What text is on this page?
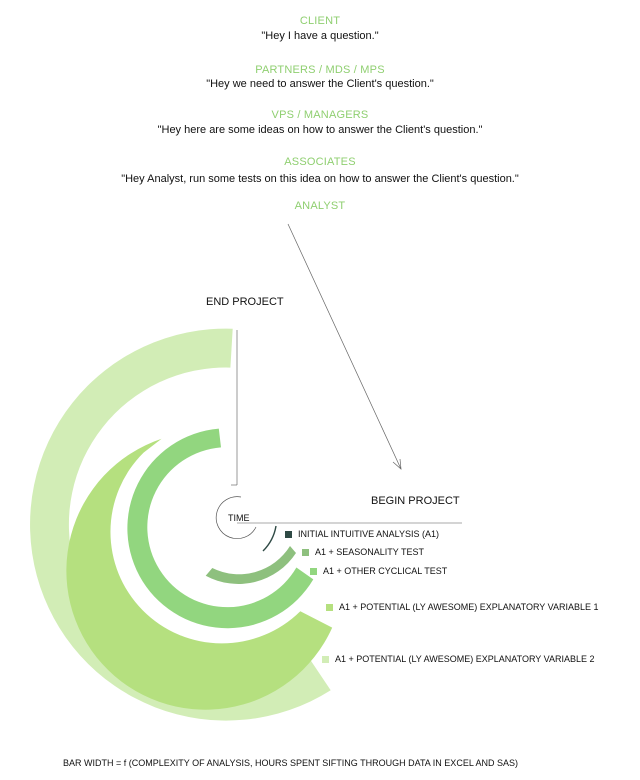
CLIENT
"Hey I have a question."
PARTNERS / MDS / MPS
"Hey we need to answer the Client's question."
VPS / MANAGERS
"Hey here are some ideas on how to answer the Client's question."
ASSOCIATES
"Hey Analyst, run some tests on this idea on how to answer the Client's question."
ANALYST
END PROJECT
BEGIN PROJECT
TIME
INITIAL INTUITIVE ANALYSIS (A1)
A1 + SEASONALITY TEST
A1 + OTHER CYCLICAL TEST
A1 + POTENTIAL (LY AWESOME) EXPLANATORY VARIABLE 1
A1 + POTENTIAL (LY AWESOME) EXPLANATORY VARIABLE 2
BAR WIDTH = f (COMPLEXITY OF ANALYSIS, HOURS SPENT SIFTING THROUGH DATA IN EXCEL AND SAS)
